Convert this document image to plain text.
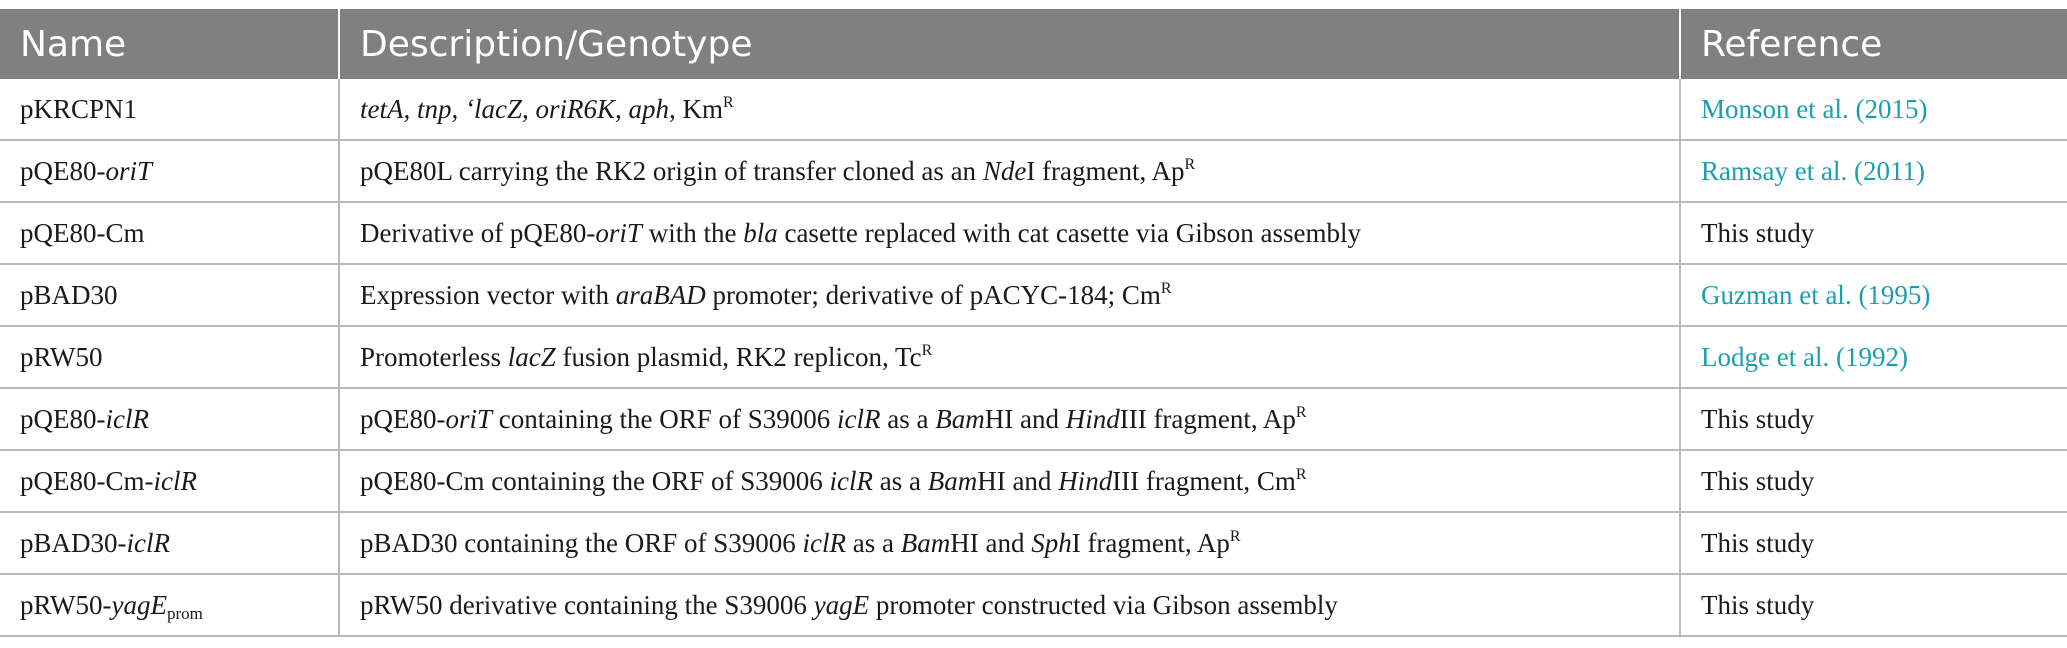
Name	Description/Genotype	Reference
pKRCPN1	tetA, tnp, ‘lacZ, oriR6K, aph, $Km^R$	Monson et al. (2015)
pQE80-oriT	pQE80L carrying the RK2 origin of transfer cloned as an NdeI fragment, $Ap^R$	Ramsay et al. (2011)
pQE80-Cm	Derivative of pQE80-oriT with the bla casette replaced with cat casette via Gibson assembly	This study
pBAD30	Expression vector with araBAD promoter; derivative of pACYC-184; $Cm^R$	Guzman et al. (1995)
pRW50	Promoterless lacZ fusion plasmid, RK2 replicon, $Tc^R$	Lodge et al. (1992)
pQE80-iclR	pQE80-oriT containing the ORF of S39006 iclR as a BamHI and HindIII fragment, $Ap^R$	This study
pQE80-Cm-iclR	pQE80-Cm containing the ORF of S39006 iclR as a BamHI and HindIII fragment, $Cm^R$	This study
pBAD30-iclR	pBAD30 containing the ORF of S39006 iclR as a BamHI and SphI fragment, $Ap^R$	This study
pRW50-yagE$_{prom}$	pRW50 derivative containing the S39006 yagE promoter constructed via Gibson assembly	This study
